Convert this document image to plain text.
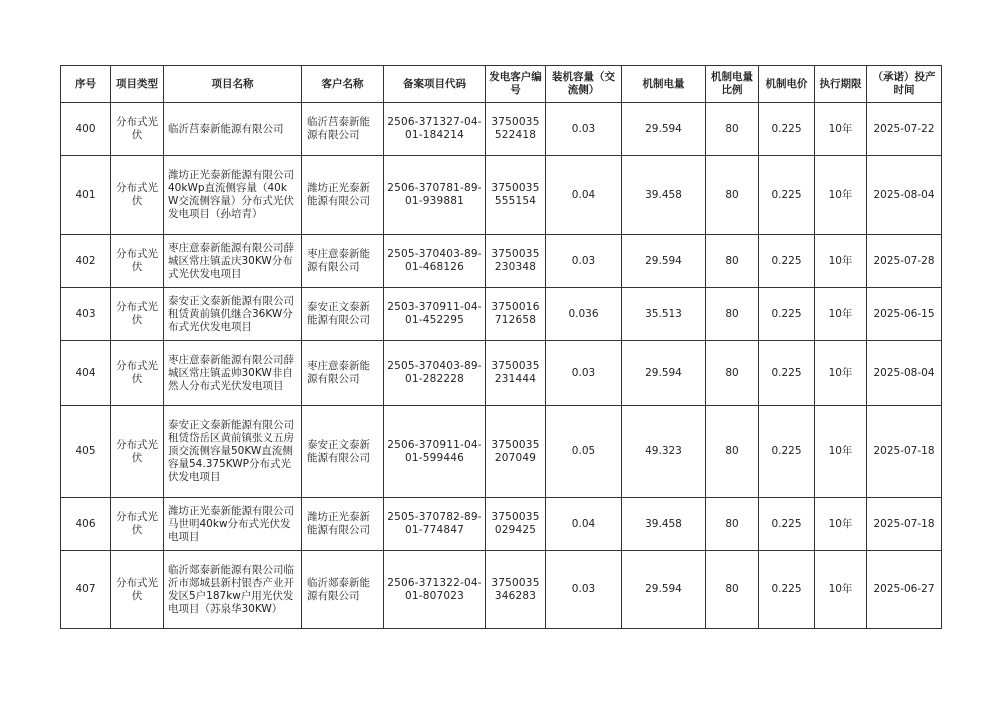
序号	项目类型	项目名称	客户名称	备案项目代码	发电客户编号	装机容量（交流侧）	机制电量	机制电量比例	机制电价	执行期限	（承诺）投产时间
400	分布式光伏	临沂莒泰新能源有限公司	临沂莒泰新能源有限公司	2506-371327-04-01-184214	3750035522418	0.03	29.594	80	0.225	10年	2025-07-22
401	分布式光伏	潍坊正光泰新能源有限公司40kWp直流侧容量（40kW交流侧容量）分布式光伏发电项目（孙培青）	潍坊正光泰新能源有限公司	2506-370781-89-01-939881	3750035555154	0.04	39.458	80	0.225	10年	2025-08-04
402	分布式光伏	枣庄意泰新能源有限公司薛城区常庄镇孟庆30KW分布式光伏发电项目	枣庄意泰新能源有限公司	2505-370403-89-01-468126	3750035230348	0.03	29.594	80	0.225	10年	2025-07-28
403	分布式光伏	泰安正文泰新能源有限公司租赁黄前镇仉继合36KW分布式光伏发电项目	泰安正文泰新能源有限公司	2503-370911-04-01-452295	3750016712658	0.036	35.513	80	0.225	10年	2025-06-15
404	分布式光伏	枣庄意泰新能源有限公司薛城区常庄镇孟帅30KW非自然人分布式光伏发电项目	枣庄意泰新能源有限公司	2505-370403-89-01-282228	3750035231444	0.03	29.594	80	0.225	10年	2025-08-04
405	分布式光伏	泰安正文泰新能源有限公司租赁岱岳区黄前镇张义五房顶交流侧容量50KW直流侧容量54.375KWP分布式光伏发电项目	泰安正文泰新能源有限公司	2506-370911-04-01-599446	3750035207049	0.05	49.323	80	0.225	10年	2025-07-18
406	分布式光伏	潍坊正光泰新能源有限公司马世明40kw分布式光伏发电项目	潍坊正光泰新能源有限公司	2505-370782-89-01-774847	3750035029425	0.04	39.458	80	0.225	10年	2025-07-18
407	分布式光伏	临沂郯泰新能源有限公司临沂市郯城县新村银杏产业开发区5户187kw户用光伏发电项目（苏泉华30KW）	临沂郯泰新能源有限公司	2506-371322-04-01-807023	3750035346283	0.03	29.594	80	0.225	10年	2025-06-27
